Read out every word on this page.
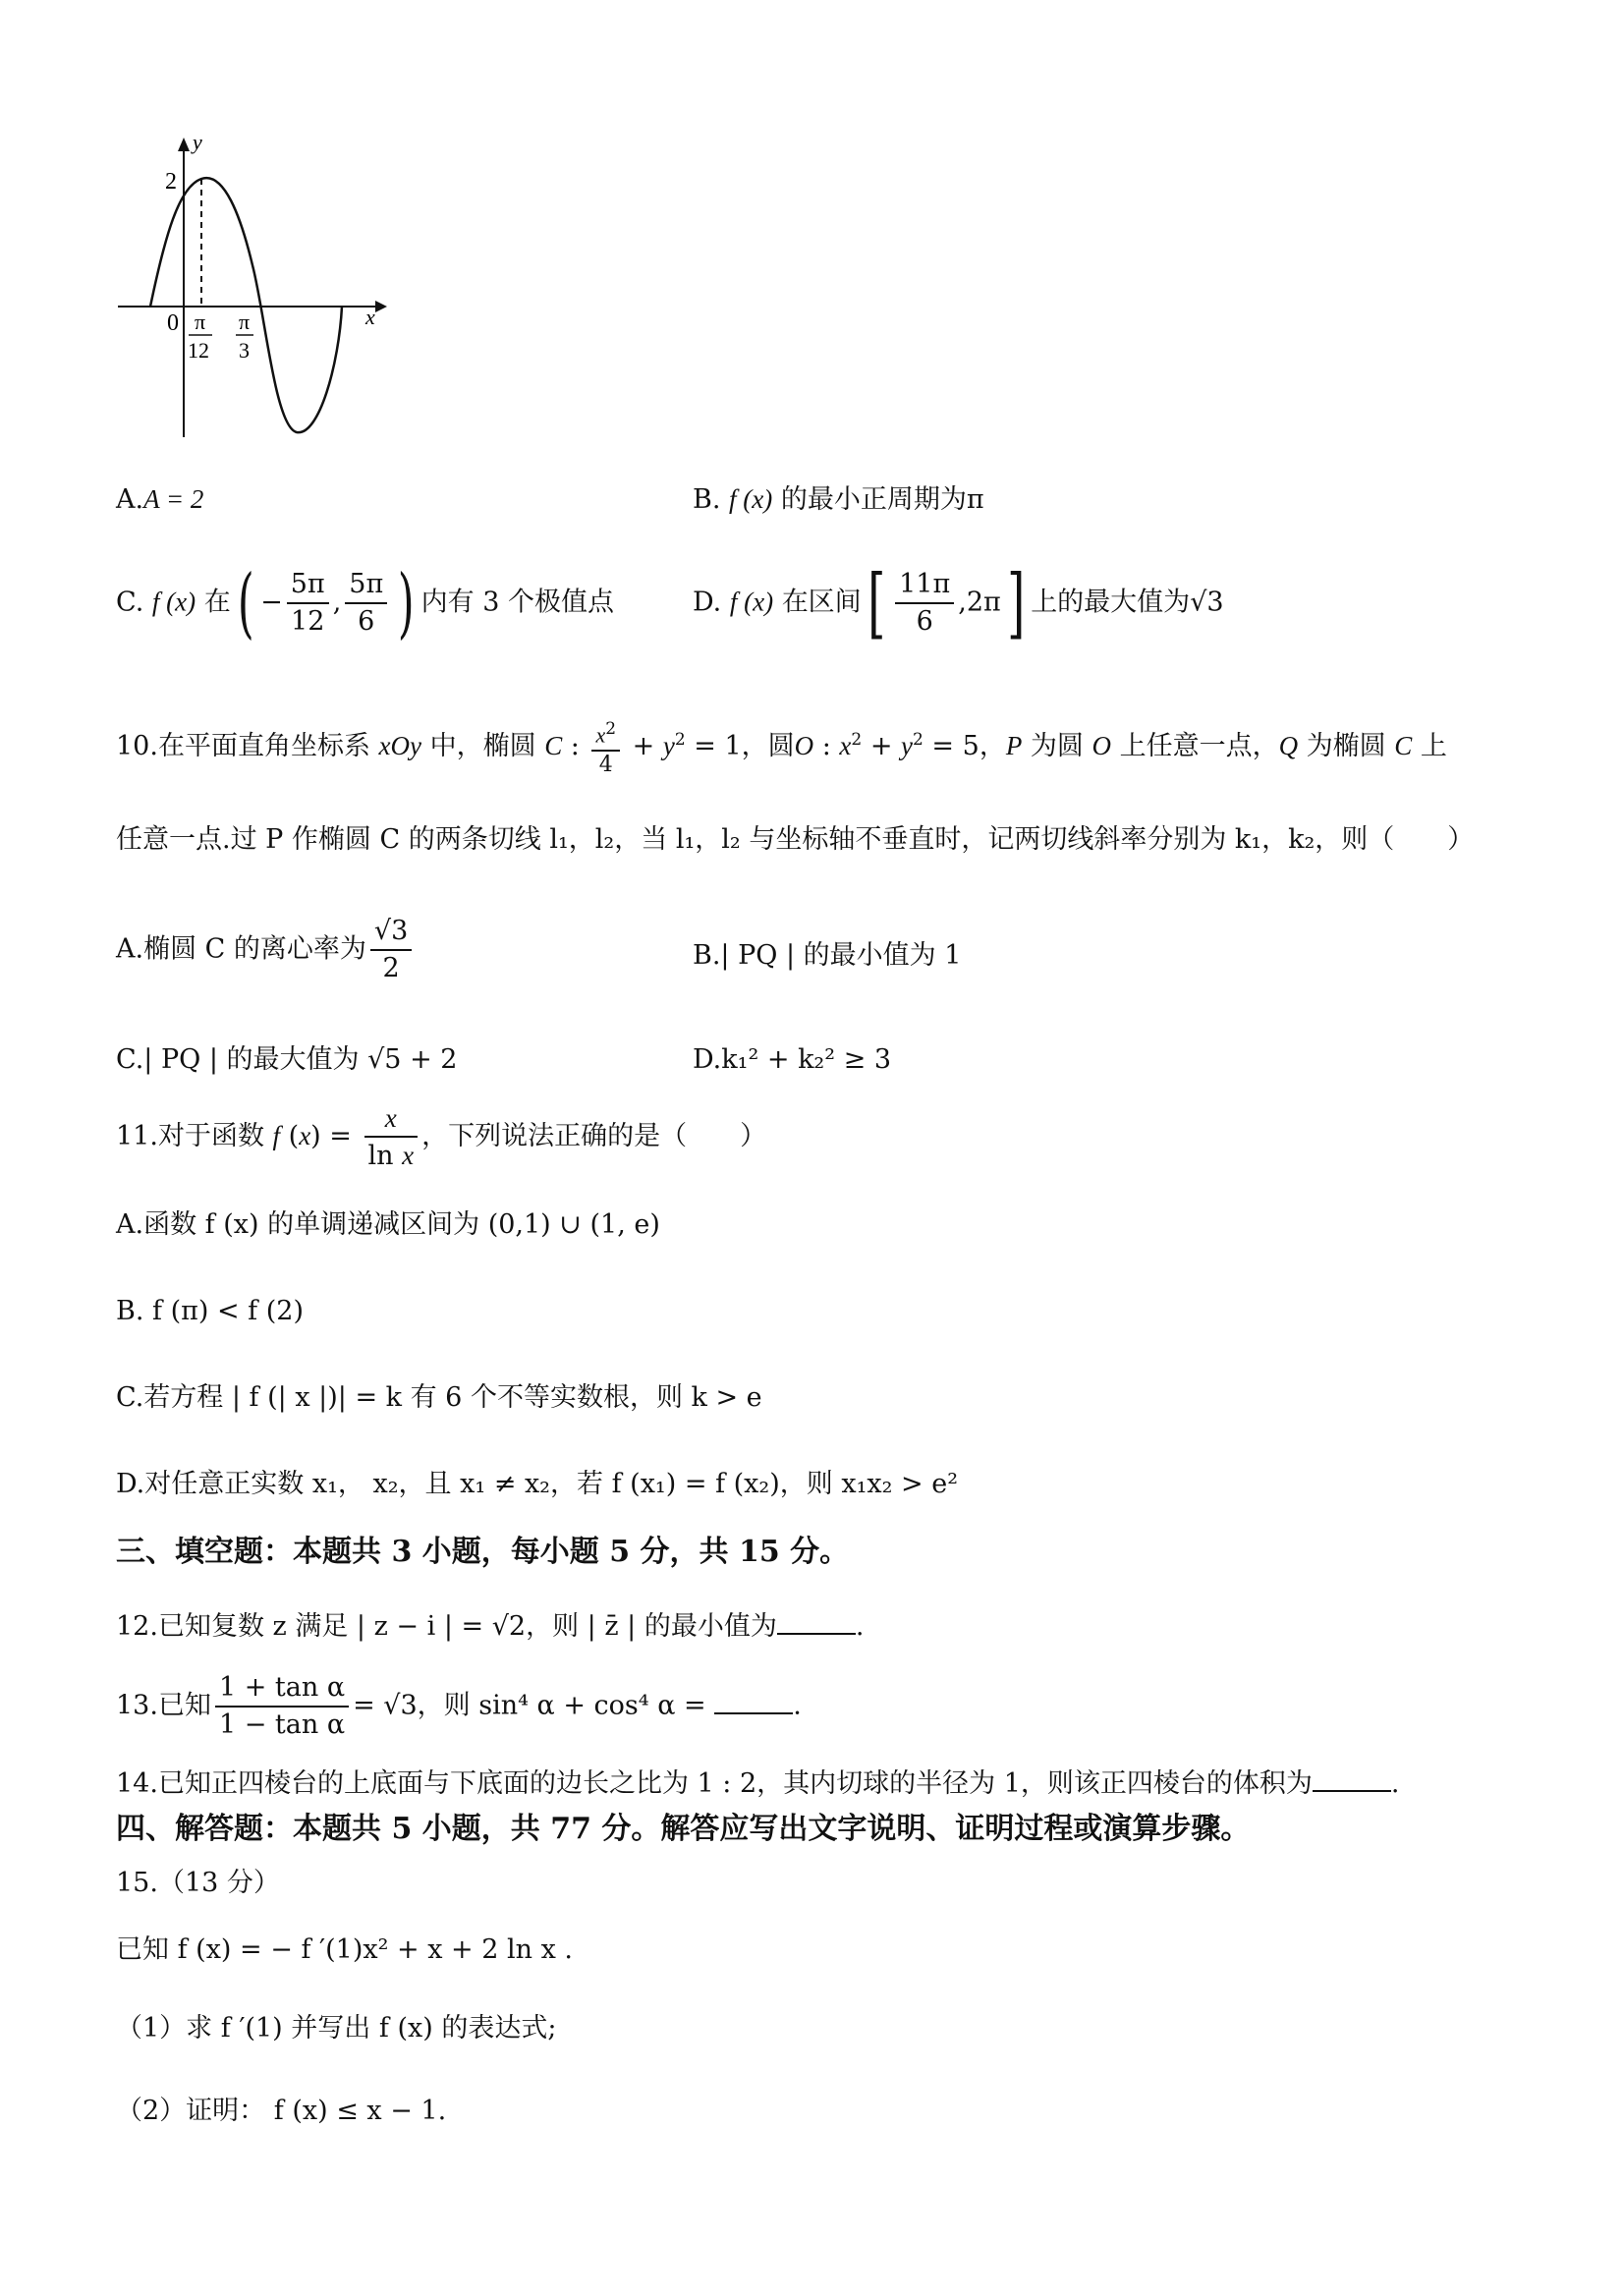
y
x
2
0 π
12
π
3
A.A = 2	B. f (x) 的最小正周期为π
C. f (x) 在( − $\frac{5\pi}{12}$ , $\frac{5\pi}{6}$ ) 内有 3 个极值点	D. f (x) 在区间[ $\frac{11\pi}{6} ,2\pi$] 上的最大值为√3
10.在平面直角坐标系 xOy 中，椭圆 C : $\frac{x^2}{4} + y^2 = 1$，圆O : $x^2 + y^2 = 5$，P 为圆 O 上任意一点，Q 为椭圆 C 上
任意一点.过 P 作椭圆 C 的两条切线 l₁，l₂，当 l₁，l₂ 与坐标轴不垂直时，记两切线斜率分别为 k₁，k₂，则（　　）
A.椭圆 C 的离心率为 $\frac{√3}{2}$	B.| PQ | 的最小值为 1
C.| PQ | 的最大值为 √5 + 2	D.k₁² + k₂² ≥ 3
11.对于函数 f $(x) = \frac{x}{\text{ln x}}$ ，下列说法正确的是（　　）
A.函数 f (x) 的单调递减区间为 (0,1) ∪ (1, e)
B. f (π) < f (2)
C.若方程 | f (| x |)| = k 有 6 个不等实数根，则 k > e
D.对任意正实数 x₁， x₂，且 x₁ ≠ x₂，若 f (x₁) = f (x₂)，则 x₁x₂ > e²
三、填空题：本题共 3 小题，每小题 5 分，共 15 分。
12.已知复数 z 满足 | z − i | = √2，则 | z̄ | 的最小值为	.
13.已知 $\frac{\text{1 + tan α}}{\text{1 − tan α}} = √3$，则 sin⁴ α + cos⁴ α =	.
14.已知正四棱台的上底面与下底面的边长之比为 1 : 2，其内切球的半径为 1，则该正四棱台的体积为	.
四、解答题：本题共 5 小题，共 77 分。解答应写出文字说明、证明过程或演算步骤。
15.（13 分）
已知 f (x) = − f ′(1)x² + x + 2 ln x .
（1）求 f ′(1) 并写出 f (x) 的表达式;
（2）证明： f (x) ≤ x − 1.
